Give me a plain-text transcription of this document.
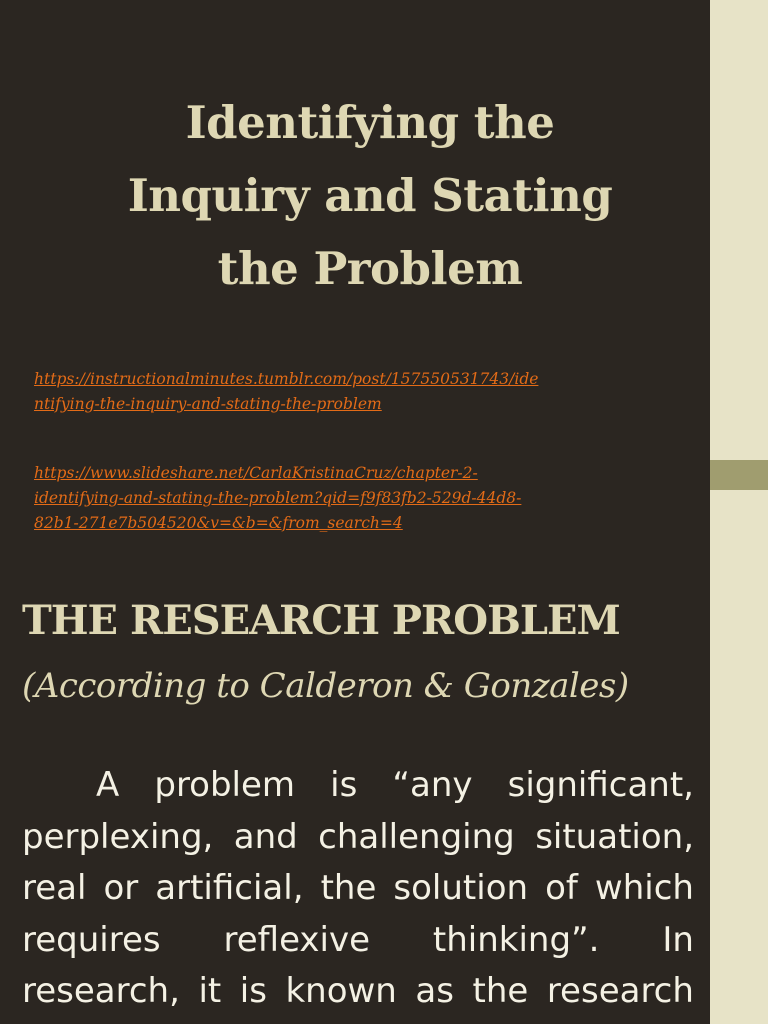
Identifying the
Inquiry and Stating
the Problem
https://instructionalminutes.tumblr.com/post/157550531743/ide
ntifying-the-inquiry-and-stating-the-problem
https://www.slideshare.net/CarlaKristinaCruz/chapter-2-
identifying-and-stating-the-problem?qid=f9f83fb2-529d-44d8-
82b1-271e7b504520&v=&b=&from_search=4
THE RESEARCH PROBLEM

(According to Calderon & Gonzales)

A problem is “any significant,
perplexing, and challenging situation,
real or artificial, the solution of which
requires reflexive thinking”. In
research, it is known as the research
